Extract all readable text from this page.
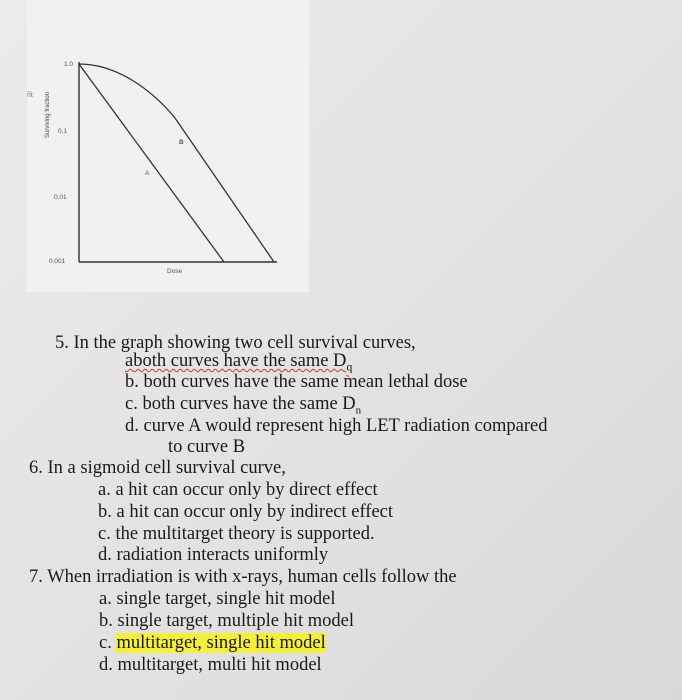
1.0
n̅t
0.1
0.01
0.001
Surviving fraction
Dose
A
B
5. In the graph showing two cell survival curves,
aboth curves have the same $D_q$
b. both curves have the same mean lethal dose
c. both curves have the same $D_n$
d. curve A would represent high LET radiation compared
to curve B
6. In a sigmoid cell survival curve,
a. a hit can occur only by direct effect
b. a hit can occur only by indirect effect
c. the multitarget theory is supported.
d. radiation interacts uniformly
7. When irradiation is with x-rays, human cells follow the
a. single target, single hit model
b. single target, multiple hit model
c. multitarget, single hit model
d. multitarget, multi hit model
